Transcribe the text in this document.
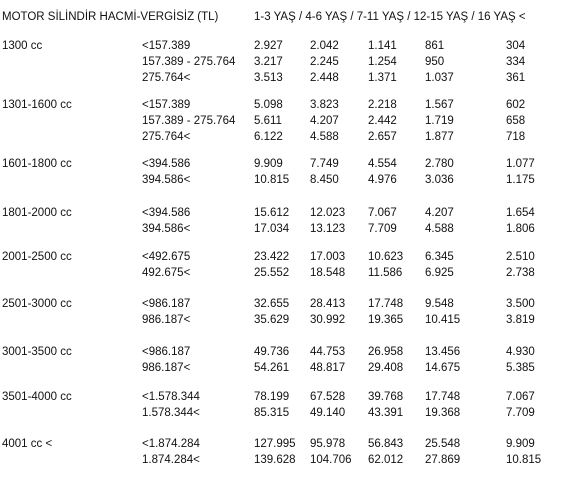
MOTOR SİLİNDİR HACMİ-VERGİSİZ (TL)	1-3 YAŞ / 4-6 YAŞ / 7-11 YAŞ / 12-15 YAŞ / 16 YAŞ <
1300 cc	<157.389	2.927 2.042	1.141 861	304
157.389 - 275.764 3.217 2.245	1.254 950	334
275.764<	3.513 2.448	1.371 1.037	361
1301-1600 cc	<157.389	5.098 3.823	2.218 1.567	602
157.389 - 275.764 5.611 4.207	2.442 1.719	658
275.764<	6.122 4.588	2.657 1.877	718
1601-1800 cc	<394.586	9.909 7.749	4.554 2.780	1.077
394.586<	10.815 8.450	4.976 3.036	1.175
1801-2000 cc	<394.586	15.612 12.023 7.067 4.207	1.654
394.586<	17.034 13.123 7.709 4.588	1.806
2001-2500 cc	<492.675	23.422 17.003 10.623 6.345	2.510
492.675<	25.552 18.548 11.586 6.925	2.738
2501-3000 cc	<986.187	32.655 28.413 17.748 9.548	3.500
986.187<	35.629 30.992 19.365 10.415	3.819
3001-3500 cc	<986.187	49.736 44.753 26.958 13.456	4.930
986.187<	54.261 48.817 29.408 14.675	5.385
3501-4000 cc	<1.578.344	78.199 67.528 39.768 17.748	7.067
1.578.344<	85.315 49.140 43.391 19.368	7.709
4001 cc <	<1.874.284	127.995 95.978 56.843 25.548	9.909
1.874.284<	139.628 104.706 62.012 27.869	10.815
